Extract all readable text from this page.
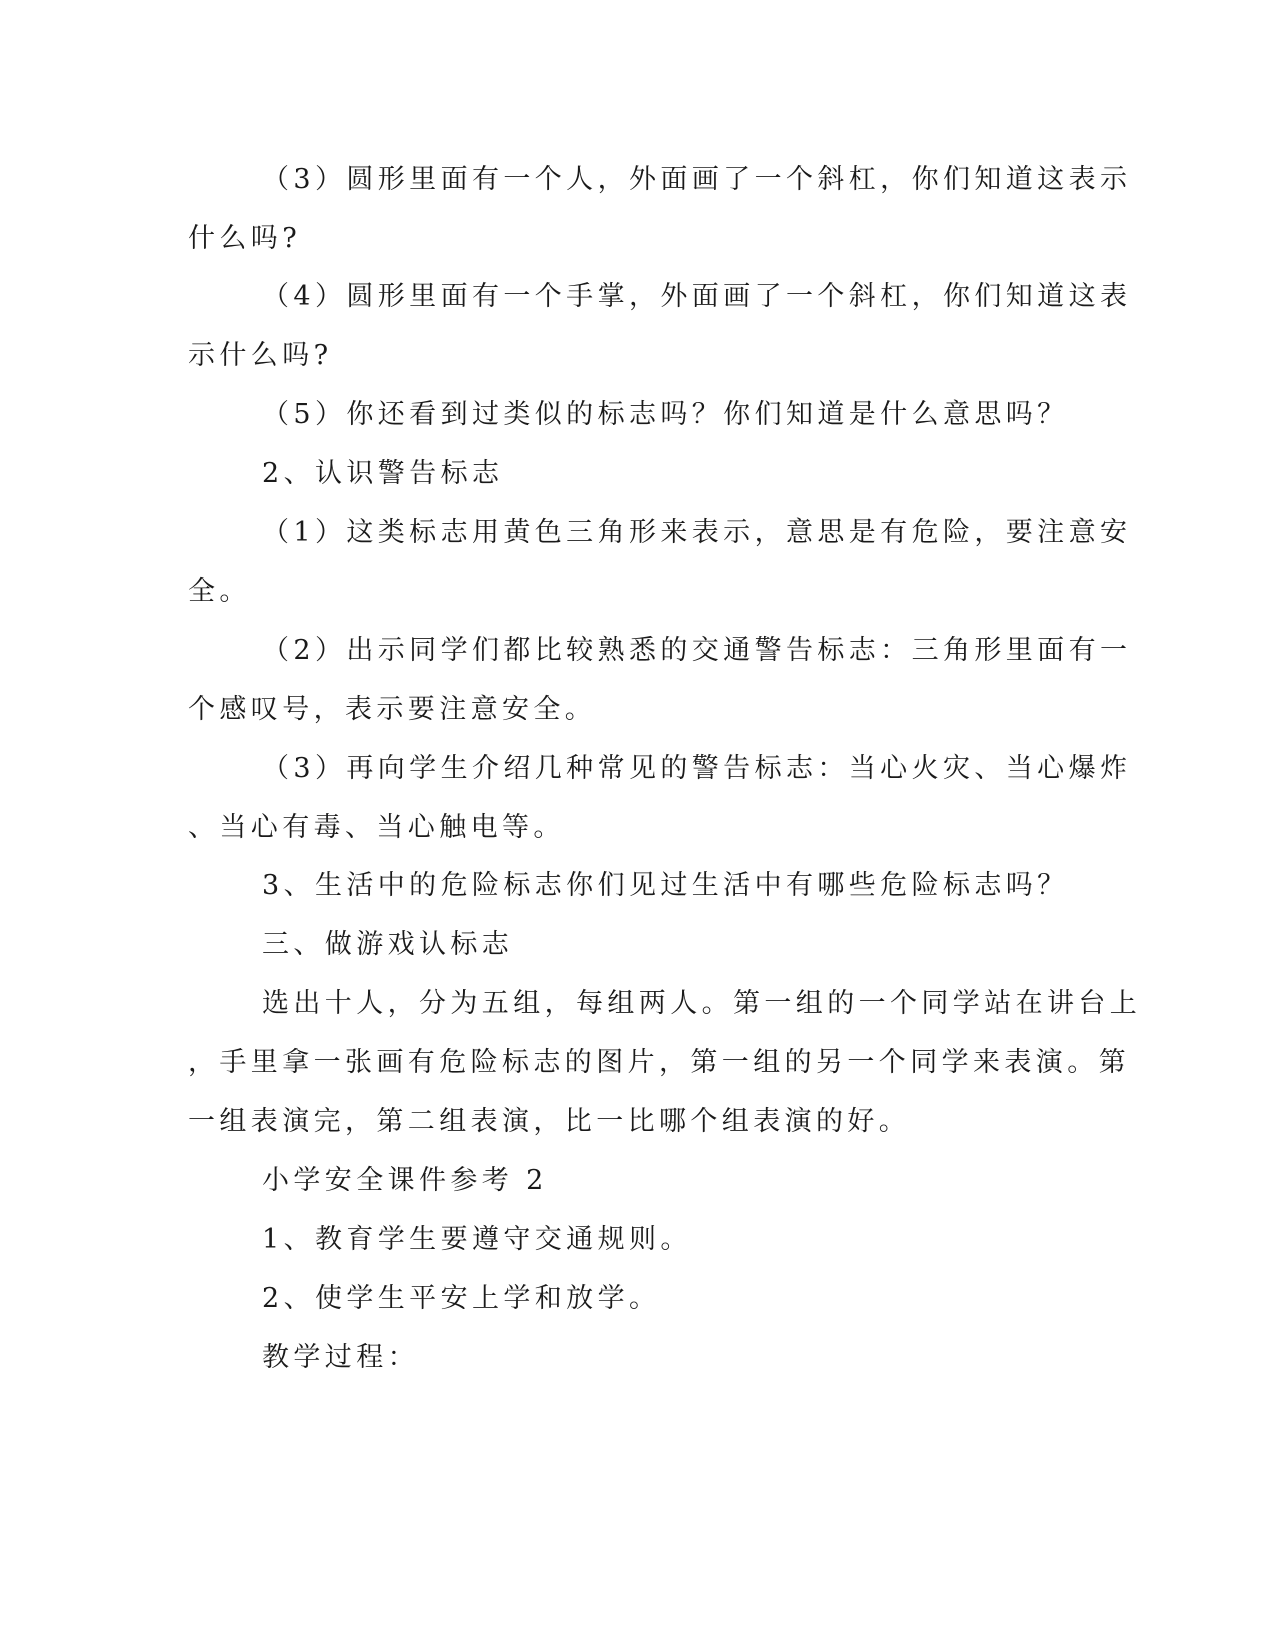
（3）圆形里面有一个人，外面画了一个斜杠，你们知道这表示
什么吗?
（4）圆形里面有一个手掌，外面画了一个斜杠，你们知道这表
示什么吗?
（5）你还看到过类似的标志吗？你们知道是什么意思吗？
2、认识警告标志
（1）这类标志用黄色三角形来表示，意思是有危险，要注意安
全。
（2）出示同学们都比较熟悉的交通警告标志：三角形里面有一
个感叹号，表示要注意安全。
（3）再向学生介绍几种常见的警告标志：当心火灾、当心爆炸
、当心有毒、当心触电等。
3、生活中的危险标志你们见过生活中有哪些危险标志吗？
三、做游戏认标志
选出十人，分为五组，每组两人。第一组的一个同学站在讲台上
，手里拿一张画有危险标志的图片，第一组的另一个同学来表演。第
一组表演完，第二组表演，比一比哪个组表演的好。
小学安全课件参考 2
1、教育学生要遵守交通规则。
2、使学生平安上学和放学。
教学过程：
